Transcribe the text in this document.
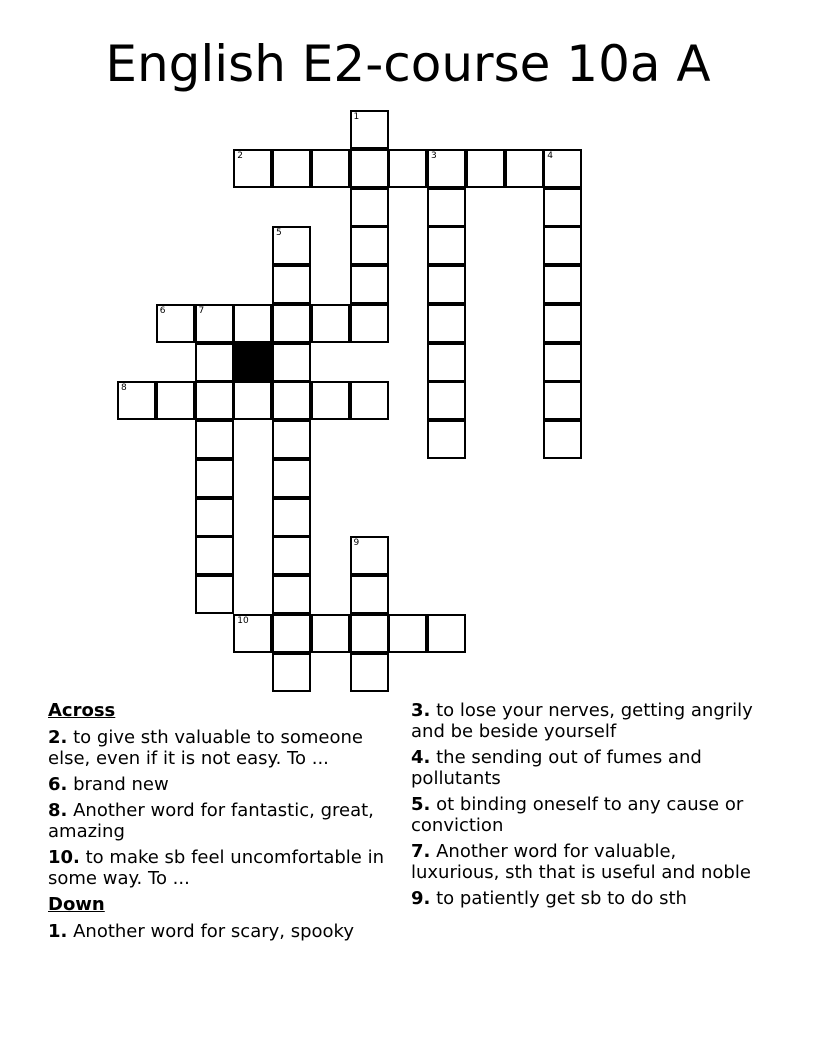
English E2-course 10a A
2	3	4
1
5
6	7
8
9
10
Across
2. to give sth valuable to someone else, even if it is not easy. To ...
6. brand new
8. Another word for fantastic, great, amazing
10. to make sb feel uncomfortable in some way. To ...
Down
1. Another word for scary, spooky
3. to lose your nerves, getting angrily and be beside yourself
4. the sending out of fumes and pollutants
5. ot binding oneself to any cause or conviction
7. Another word for valuable, luxurious, sth that is useful and noble
9. to patiently get sb to do sth
